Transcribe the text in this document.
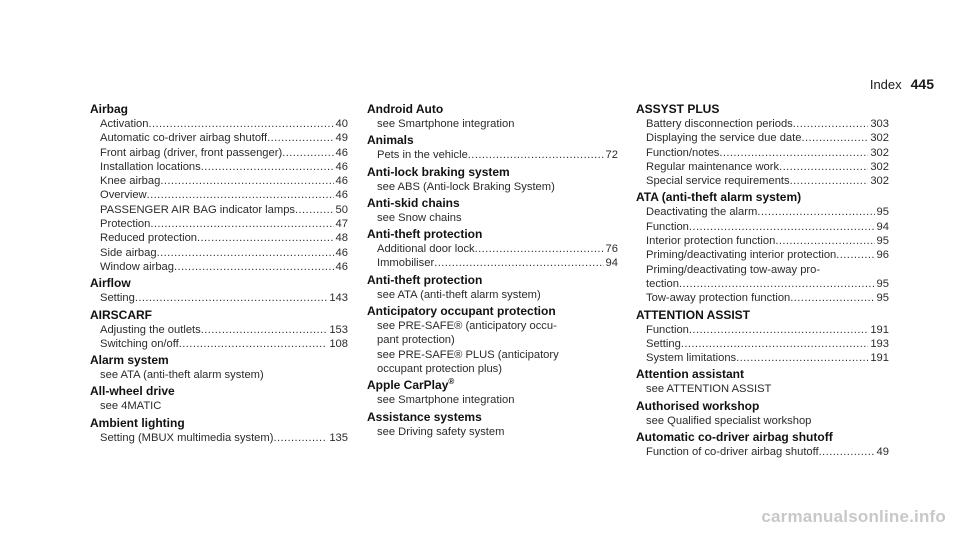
Index 445
Airbag
Activation .....	40
Automatic co-driver airbag shutoff .....	49
Front airbag (driver, front passenger) .....	46
Installation locations .....	46
Knee airbag .....	46
Overview .....	46
PASSENGER AIR BAG indicator lamps .....	50
Protection .....	47
Reduced protection .....	48
Side airbag .....	46
Window airbag .....	46
Airflow
Setting .....	143
AIRSCARF
Adjusting the outlets .....	153
Switching on/off .....	108
Alarm system
see ATA (anti-theft alarm system)
All-wheel drive
see 4MATIC
Ambient lighting
Setting (MBUX multimedia system) .....	135
Android Auto
see Smartphone integration
Animals
Pets in the vehicle .....	72
Anti-lock braking system
see ABS (Anti-lock Braking System)
Anti-skid chains
see Snow chains
Anti-theft protection
Additional door lock .....	76
Immobiliser .....	94
Anti-theft protection
see ATA (anti-theft alarm system)
Anticipatory occupant protection
see PRE-SAFE® (anticipatory occu-
pant protection)
see PRE-SAFE® PLUS (anticipatory
occupant protection plus)
Apple CarPlay®
see Smartphone integration
Assistance systems
see Driving safety system
ASSYST PLUS
Battery disconnection periods .....	303
Displaying the service due date .....	302
Function/notes .....	302
Regular maintenance work .....	302
Special service requirements .....	302
ATA (anti-theft alarm system)
Deactivating the alarm .....	95
Function .....	94
Interior protection function .....	95
Priming/deactivating interior protection .....	96
Priming/deactivating tow-away pro-
tection .....	95
Tow-away protection function .....	95
ATTENTION ASSIST
Function .....	191
Setting .....	193
System limitations .....	191
Attention assistant
see ATTENTION ASSIST
Authorised workshop
see Qualified specialist workshop
Automatic co-driver airbag shutoff
Function of co-driver airbag shutoff .....	49
carmanualsonline.info
